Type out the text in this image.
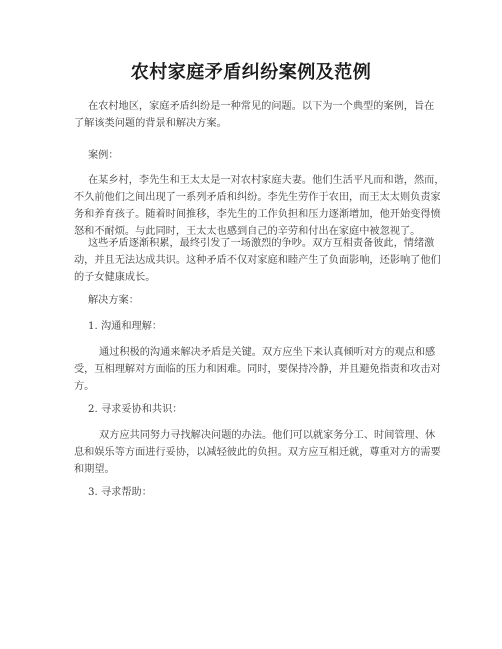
农村家庭矛盾纠纷案例及范例

在农村地区，家庭矛盾纠纷是一种常见的问题。以下为一个典型的案例，旨在
了解该类问题的背景和解决方案。

案例：

在某乡村，李先生和王太太是一对农村家庭夫妻。他们生活平凡而和谐，然而，
不久前他们之间出现了一系列矛盾和纠纷。李先生劳作于农田，而王太太则负责家
务和养育孩子。随着时间推移，李先生的工作负担和压力逐渐增加，他开始变得愤
怒和不耐烦。与此同时，王太太也感到自己的辛劳和付出在家庭中被忽视了。

这些矛盾逐渐积累，最终引发了一场激烈的争吵。双方互相责备彼此，情绪激
动，并且无法达成共识。这种矛盾不仅对家庭和睦产生了负面影响，还影响了他们
的子女健康成长。

解决方案：

1. 沟通和理解：

通过积极的沟通来解决矛盾是关键。双方应坐下来认真倾听对方的观点和感
受，互相理解对方面临的压力和困难。同时，要保持冷静，并且避免指责和攻击对
方。

2. 寻求妥协和共识：

双方应共同努力寻找解决问题的办法。他们可以就家务分工、时间管理、休
息和娱乐等方面进行妥协，以减轻彼此的负担。双方应互相迁就，尊重对方的需要
和期望。

3. 寻求帮助：
